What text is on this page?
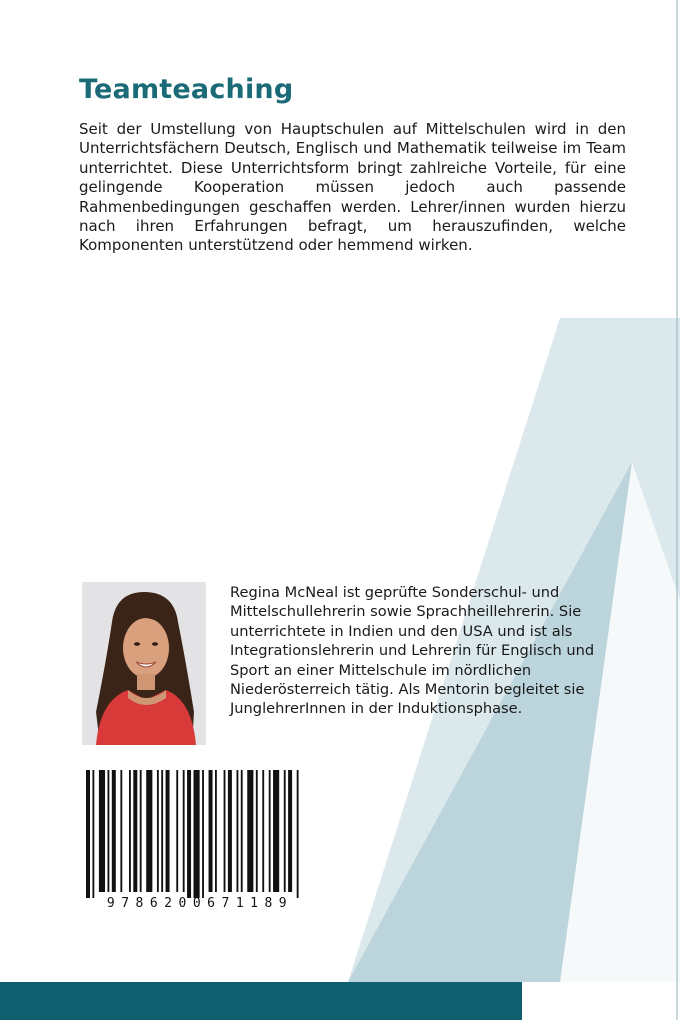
Teamteaching

Seit der Umstellung von Hauptschulen auf Mittelschulen wird in den Unterrichtsfächern Deutsch, Englisch und Mathematik teilweise im Team unterrichtet. Diese Unterrichtsform bringt zahlreiche Vorteile, für eine gelingende Kooperation müssen jedoch auch passende Rahmenbedingungen geschaffen werden. Lehrer/innen wurden hierzu nach ihren Erfahrungen befragt, um herauszufinden, welche Komponenten unterstützend oder hemmend wirken.

Regina McNeal ist geprüfte Sonderschul- und Mittelschullehrerin sowie Sprachheillehrerin. Sie unterrichtete in Indien und den USA und ist als Integrationslehrerin und Lehrerin für Englisch und Sport an einer Mittelschule im nördlichen Niederösterreich tätig. Als Mentorin begleitet sie JunglehrerInnen in der Induktionsphase.

9786200671189
